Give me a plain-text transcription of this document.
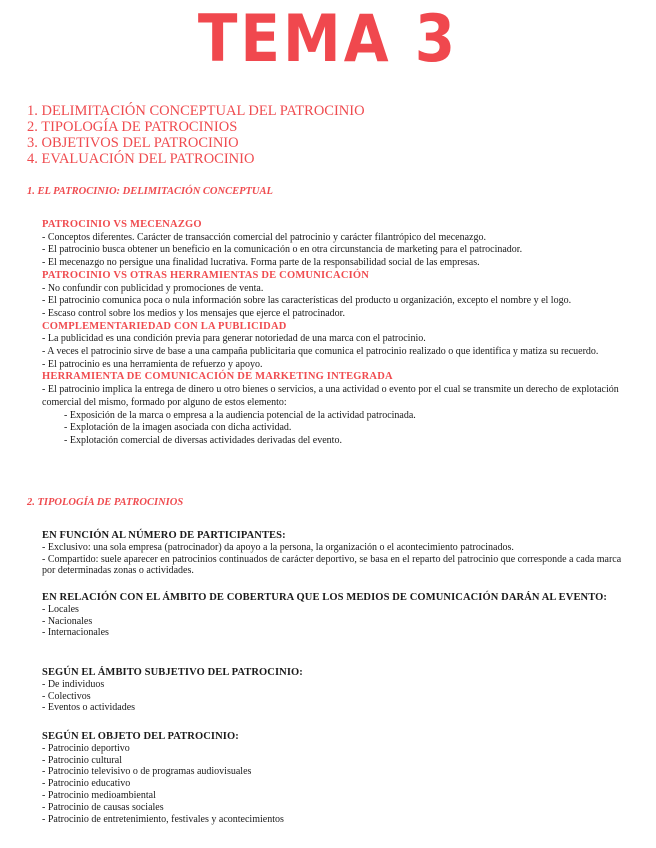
TEMA 3
1. DELIMITACIÓN CONCEPTUAL DEL PATROCINIO
2. TIPOLOGÍA DE PATROCINIOS
3. OBJETIVOS DEL PATROCINIO
4. EVALUACIÓN DEL PATROCINIO
1. EL PATROCINIO: DELIMITACIÓN CONCEPTUAL
PATROCINIO VS MECENAZGO
- Conceptos diferentes. Carácter de transacción comercial del patrocinio y carácter filantrópico del mecenazgo.
- El patrocinio busca obtener un beneficio en la comunicación o en otra circunstancia de marketing para el patrocinador.
- El mecenazgo no persigue una finalidad lucrativa. Forma parte de la responsabilidad social de las empresas.
PATROCINIO VS OTRAS HERRAMIENTAS DE COMUNICACIÓN
- No confundir con publicidad y promociones de venta.
- El patrocinio comunica poca o nula información sobre las características del producto u organización, excepto el nombre y el logo.
- Escaso control sobre los medios y los mensajes que ejerce el patrocinador.
COMPLEMENTARIEDAD CON LA PUBLICIDAD
- La publicidad es una condición previa para generar notoriedad de una marca con el patrocinio.
- A veces el patrocinio sirve de base a una campaña publicitaria que comunica el patrocinio realizado o que identifica y matiza su recuerdo.
- El patrocinio es una herramienta de refuerzo y apoyo.
HERRAMIENTA DE COMUNICACIÓN DE MARKETING INTEGRADA
- El patrocinio implica la entrega de dinero u otro bienes o servicios, a una actividad o evento por el cual se transmite un derecho de explotación comercial del mismo, formado por alguno de estos elemento:
- Exposición de la marca o empresa a la audiencia potencial de la actividad patrocinada.
- Explotación de la imagen asociada con dicha actividad.
- Explotación comercial de diversas actividades derivadas del evento.
2. TIPOLOGÍA DE PATROCINIOS
EN FUNCIÓN AL NÚMERO DE PARTICIPANTES:
- Exclusivo: una sola empresa (patrocinador) da apoyo a la persona, la organización o el acontecimiento patrocinados.
- Compartido: suele aparecer en patrocinios continuados de carácter deportivo, se basa en el reparto del patrocinio que corresponde a cada marca por determinadas zonas o actividades.
EN RELACIÓN CON EL ÁMBITO DE COBERTURA QUE LOS MEDIOS DE COMUNICACIÓN DARÁN AL EVENTO:
- Locales
- Nacionales
- Internacionales
SEGÚN EL ÁMBITO SUBJETIVO DEL PATROCINIO:
- De individuos
- Colectivos
- Eventos o actividades
SEGÚN EL OBJETO DEL PATROCINIO:
- Patrocinio deportivo
- Patrocinio cultural
- Patrocinio televisivo o de programas audiovisuales
- Patrocinio educativo
- Patrocinio medioambiental
- Patrocinio de causas sociales
- Patrocinio de entretenimiento, festivales y acontecimientos
